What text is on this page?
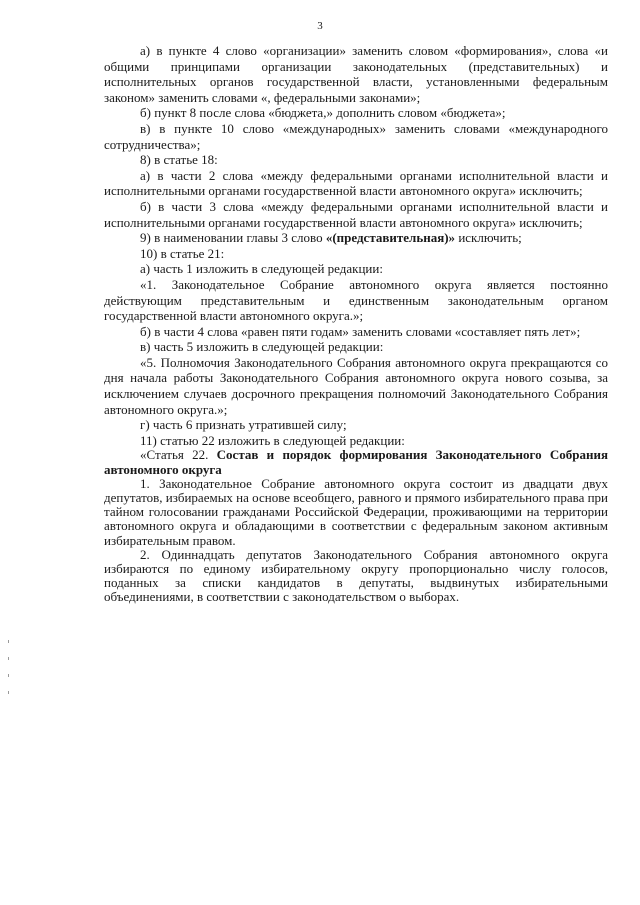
3

а) в пункте 4 слово «организации» заменить словом «формирования», слова «и общими принципами организации законодательных (представительных) и исполнительных органов государственной власти, установленными федеральным законом» заменить словами «, федеральными законами»;

б) пункт 8 после слова «бюджета,» дополнить словом «бюджета»;

в) в пункте 10 слово «международных» заменить словами «международного сотрудничества»;

8) в статье 18:

а) в части 2 слова «между федеральными органами исполнительной власти и исполнительными органами государственной власти автономного округа» исключить;

б) в части 3 слова «между федеральными органами исполнительной власти и исполнительными органами государственной власти автономного округа» исключить;

9) в наименовании главы 3 слово «(представительная)» исключить;

10) в статье 21:

а) часть 1 изложить в следующей редакции:

«1. Законодательное Собрание автономного округа является постоянно действующим представительным и единственным законодательным органом государственной власти автономного округа.»;

б) в части 4 слова «равен пяти годам» заменить словами «составляет пять лет»;

в) часть 5 изложить в следующей редакции:

«5. Полномочия Законодательного Собрания автономного округа прекращаются со дня начала работы Законодательного Собрания автономного округа нового созыва, за исключением случаев досрочного прекращения полномочий Законодательного Собрания автономного округа.»;

г) часть 6 признать утратившей силу;

11) статью 22 изложить в следующей редакции:

«Статья 22. Состав и порядок формирования Законодательного Собрания автономного округа

1. Законодательное Собрание автономного округа состоит из двадцати двух депутатов, избираемых на основе всеобщего, равного и прямого избирательного права при тайном голосовании гражданами Российской Федерации, проживающими на территории автономного округа и обладающими в соответствии с федеральным законом активным избирательным правом.

2. Одиннадцать депутатов Законодательного Собрания автономного округа избираются по единому избирательному округу пропорционально числу голосов, поданных за списки кандидатов в депутаты, выдвинутых избирательными объединениями, в соответствии с законодательством о выборах.
